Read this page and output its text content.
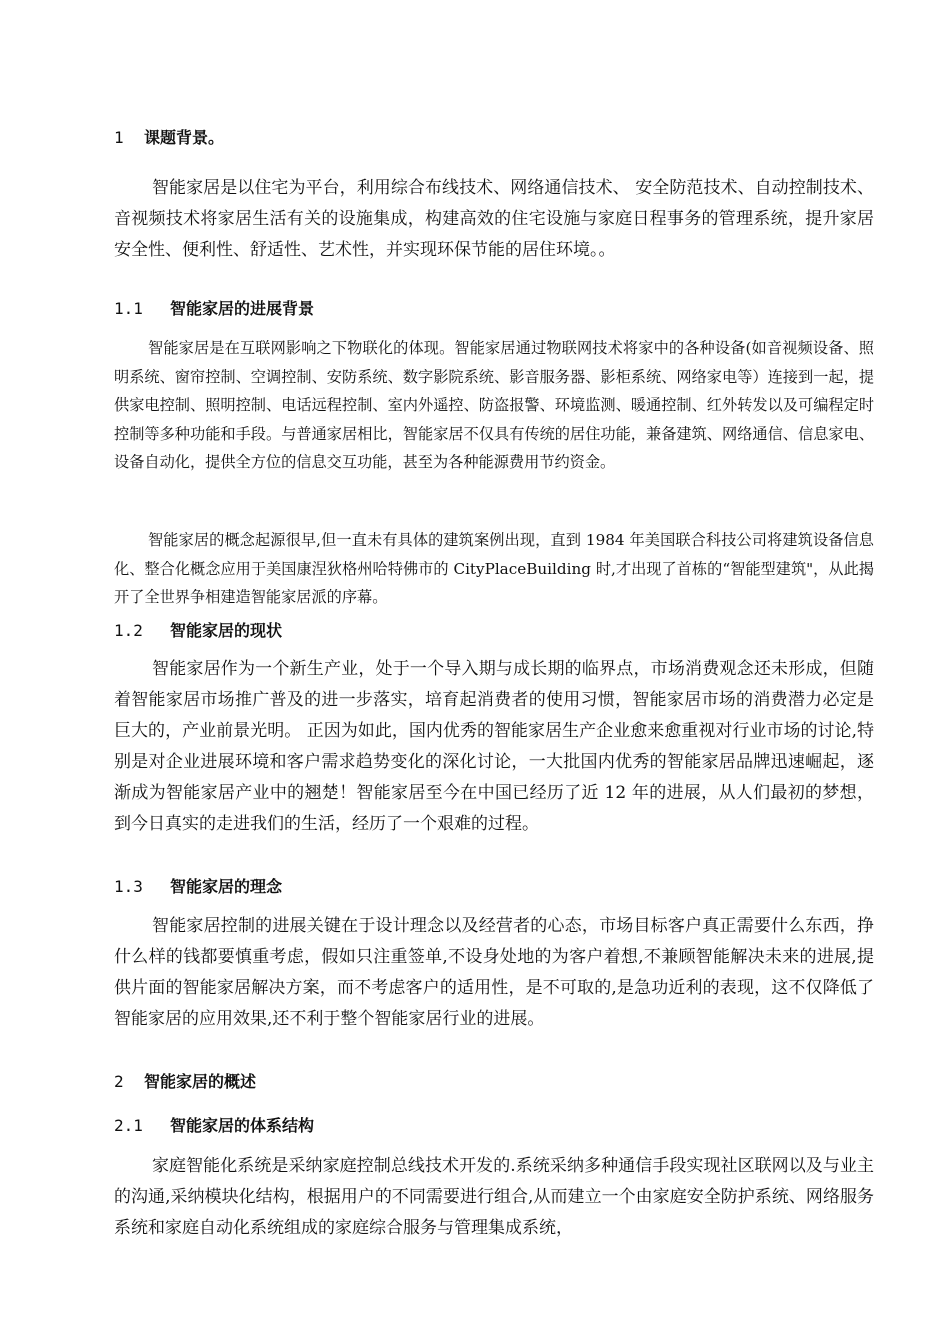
1 课题背景。

智能家居是以住宅为平台，利用综合布线技术、网络通信技术、 安全防范技术、自动控制技术、音视频技术将家居生活有关的设施集成，构建高效的住宅设施与家庭日程事务的管理系统，提升家居安全性、便利性、舒适性、艺术性，并实现环保节能的居住环境。。

1.1 智能家居的进展背景

智能家居是在互联网影响之下物联化的体现。智能家居通过物联网技术将家中的各种设备(如音视频设备、照明系统、窗帘控制、空调控制、安防系统、数字影院系统、影音服务器、影柜系统、网络家电等）连接到一起，提供家电控制、照明控制、电话远程控制、室内外遥控、防盗报警、环境监测、暖通控制、红外转发以及可编程定时控制等多种功能和手段。与普通家居相比，智能家居不仅具有传统的居住功能，兼备建筑、网络通信、信息家电、设备自动化，提供全方位的信息交互功能，甚至为各种能源费用节约资金。

智能家居的概念起源很早,但一直未有具体的建筑案例出现，直到 1984 年美国联合科技公司将建筑设备信息化、整合化概念应用于美国康涅狄格州哈特佛市的 CityPlaceBuilding 时,才出现了首栋的“智能型建筑"，从此揭开了全世界争相建造智能家居派的序幕。

1.2 智能家居的现状

智能家居作为一个新生产业，处于一个导入期与成长期的临界点，市场消费观念还未形成，但随着智能家居市场推广普及的进一步落实，培育起消费者的使用习惯，智能家居市场的消费潜力必定是巨大的，产业前景光明。 正因为如此，国内优秀的智能家居生产企业愈来愈重视对行业市场的讨论,特别是对企业进展环境和客户需求趋势变化的深化讨论，一大批国内优秀的智能家居品牌迅速崛起，逐渐成为智能家居产业中的翘楚！智能家居至今在中国已经历了近 12 年的进展，从人们最初的梦想，到今日真实的走进我们的生活，经历了一个艰难的过程。

1.3 智能家居的理念

智能家居控制的进展关键在于设计理念以及经营者的心态，市场目标客户真正需要什么东西，挣什么样的钱都要慎重考虑，假如只注重签单,不设身处地的为客户着想,不兼顾智能解决未来的进展,提供片面的智能家居解决方案，而不考虑客户的适用性，是不可取的,是急功近利的表现，这不仅降低了智能家居的应用效果,还不利于整个智能家居行业的进展。

2 智能家居的概述
2.1 智能家居的体系结构

家庭智能化系统是采纳家庭控制总线技术开发的.系统采纳多种通信手段实现社区联网以及与业主的沟通,采纳模块化结构，根据用户的不同需要进行组合,从而建立一个由家庭安全防护系统、网络服务系统和家庭自动化系统组成的家庭综合服务与管理集成系统，
